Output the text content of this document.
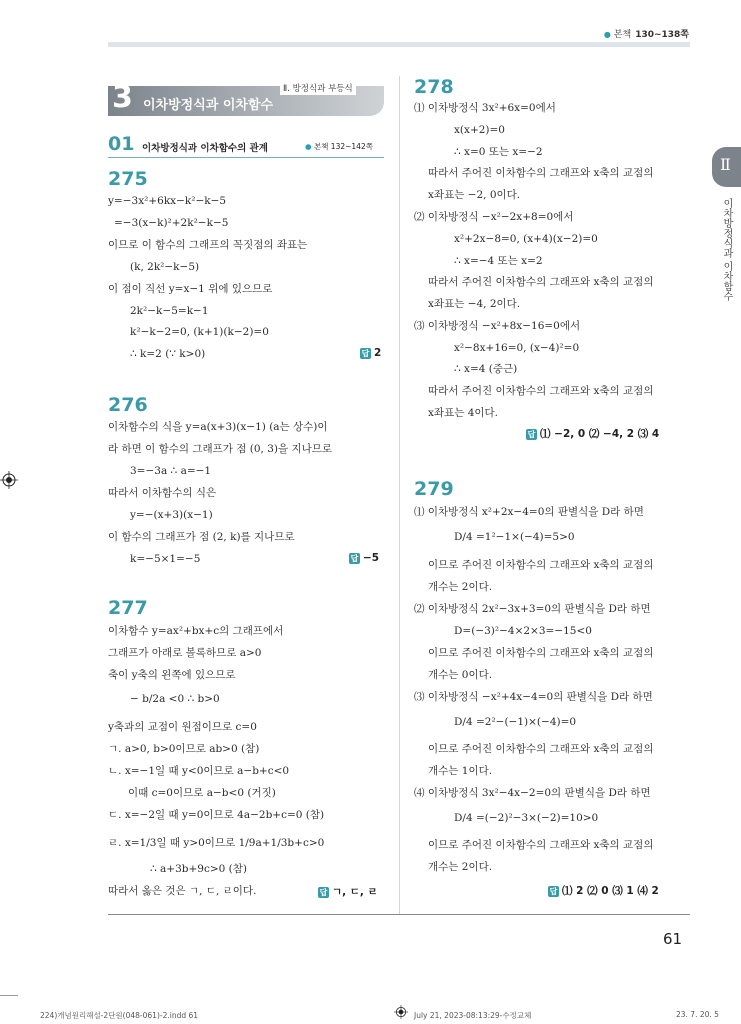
● 본책 130~138쪽
3 이차방정식과 이차함수
Ⅱ. 방정식과 부등식
01 이차방정식과 이차함수의 관계	● 본책 132~142쪽
275
y=−3x²+6kx−k²−k−5
=−3(x−k)²+2k²−k−5
이므로 이 함수의 그래프의 꼭짓점의 좌표는
(k, 2k²−k−5)
이 점이 직선 y=x−1 위에 있으므로
2k²−k−5=k−1
k²−k−2=0, (k+1)(k−2)=0
∴ k=2 (∵ k>0)	답 2
276
이차함수의 식을 y=a(x+3)(x−1) (a는 상수)이
라 하면 이 함수의 그래프가 점 (0, 3)을 지나므로
3=−3a ∴ a=−1
따라서 이차함수의 식은
y=−(x+3)(x−1)
이 함수의 그래프가 점 (2, k)를 지나므로
k=−5×1=−5	답 −5
277
이차함수 y=ax²+bx+c의 그래프에서
그래프가 아래로 볼록하므로 a>0
축이 y축의 왼쪽에 있으므로
− b/2a <0 ∴ b>0
y축과의 교점이 원점이므로 c=0
ㄱ. a>0, b>0이므로 ab>0 (참)
ㄴ. x=−1일 때 y<0이므로 a−b+c<0
이때 c=0이므로 a−b<0 (거짓)
ㄷ. x=−2일 때 y=0이므로 4a−2b+c=0 (참)
ㄹ. x=1/3일 때 y>0이므로 1/9a+1/3b+c>0
∴ a+3b+9c>0 (참)
따라서 옳은 것은 ㄱ, ㄷ, ㄹ이다.	답 ㄱ, ㄷ, ㄹ
278
⑴ 이차방정식 3x²+6x=0에서
x(x+2)=0
∴ x=0 또는 x=−2
따라서 주어진 이차함수의 그래프와 x축의 교점의
x좌표는 −2, 0이다.
⑵ 이차방정식 −x²−2x+8=0에서
x²+2x−8=0, (x+4)(x−2)=0
∴ x=−4 또는 x=2
따라서 주어진 이차함수의 그래프와 x축의 교점의
x좌표는 −4, 2이다.
⑶ 이차방정식 −x²+8x−16=0에서
x²−8x+16=0, (x−4)²=0
∴ x=4 (중근)
따라서 주어진 이차함수의 그래프와 x축의 교점의
x좌표는 4이다.
답 ⑴ −2, 0 ⑵ −4, 2 ⑶ 4
279
⑴ 이차방정식 x²+2x−4=0의 판별식을 D라 하면
D/4 =1²−1×(−4)=5>0
이므로 주어진 이차함수의 그래프와 x축의 교점의
개수는 2이다.
⑵ 이차방정식 2x²−3x+3=0의 판별식을 D라 하면
D=(−3)²−4×2×3=−15<0
이므로 주어진 이차함수의 그래프와 x축의 교점의
개수는 0이다.
⑶ 이차방정식 −x²+4x−4=0의 판별식을 D라 하면
D/4 =2²−(−1)×(−4)=0
이므로 주어진 이차함수의 그래프와 x축의 교점의
개수는 1이다.
⑷ 이차방정식 3x²−4x−2=0의 판별식을 D라 하면
D/4 =(−2)²−3×(−2)=10>0
이므로 주어진 이차함수의 그래프와 x축의 교점의
개수는 2이다.
답 ⑴ 2 ⑵ 0 ⑶ 1 ⑷ 2
Ⅱ
이차방정식과 이차함수
61
224)개념원리해설-2단원(048-061)-2.indd 61	July 21, 2023-08:13:29-수정교체	23. 7. 20. 5
